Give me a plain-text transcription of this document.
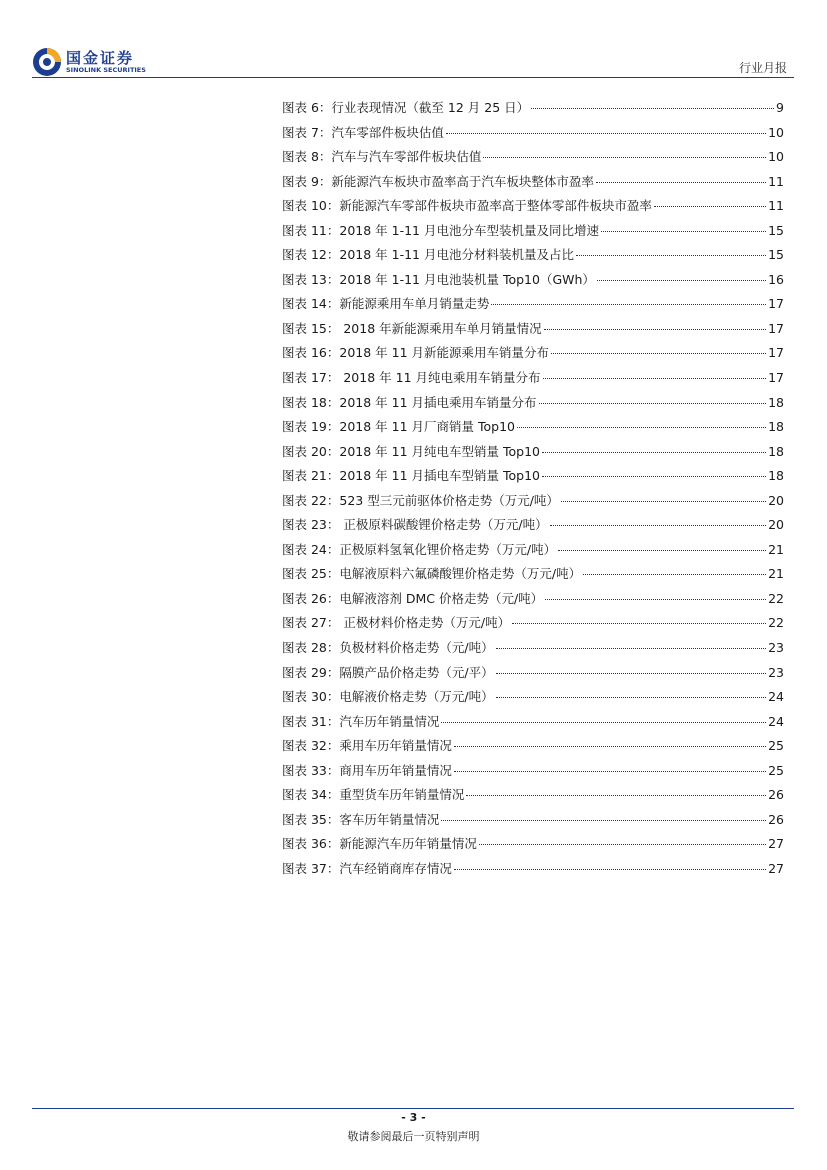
国金证券
SINOLINK SECURITIES	行业月报
图表 6：行业表现情况（截至 12 月 25 日）	9
图表 7：汽车零部件板块估值	10
图表 8：汽车与汽车零部件板块估值	10
图表 9：新能源汽车板块市盈率高于汽车板块整体市盈率	11
图表 10：新能源汽车零部件板块市盈率高于整体零部件板块市盈率	11
图表 11：2018 年 1-11 月电池分车型装机量及同比增速	15
图表 12：2018 年 1-11 月电池分材料装机量及占比	15
图表 13：2018 年 1-11 月电池装机量 Top10（GWh）	16
图表 14：新能源乘用车单月销量走势	17
图表 15： 2018 年新能源乘用车单月销量情况	17
图表 16：2018 年 11 月新能源乘用车销量分布	17
图表 17： 2018 年 11 月纯电乘用车销量分布	17
图表 18：2018 年 11 月插电乘用车销量分布	18
图表 19：2018 年 11 月厂商销量 Top10	18
图表 20：2018 年 11 月纯电车型销量 Top10	18
图表 21：2018 年 11 月插电车型销量 Top10	18
图表 22：523 型三元前驱体价格走势（万元/吨）	20
图表 23： 正极原料碳酸锂价格走势（万元/吨）	20
图表 24：正极原料氢氧化锂价格走势（万元/吨）	21
图表 25：电解液原料六氟磷酸锂价格走势（万元/吨）	21
图表 26：电解液溶剂 DMC 价格走势（元/吨）	22
图表 27： 正极材料价格走势（万元/吨）	22
图表 28：负极材料价格走势（元/吨）	23
图表 29：隔膜产品价格走势（元/平）	23
图表 30：电解液价格走势（万元/吨）	24
图表 31：汽车历年销量情况	24
图表 32：乘用车历年销量情况	25
图表 33：商用车历年销量情况	25
图表 34：重型货车历年销量情况	26
图表 35：客车历年销量情况	26
图表 36：新能源汽车历年销量情况	27
图表 37：汽车经销商库存情况	27
- 3 -
敬请参阅最后一页特别声明
